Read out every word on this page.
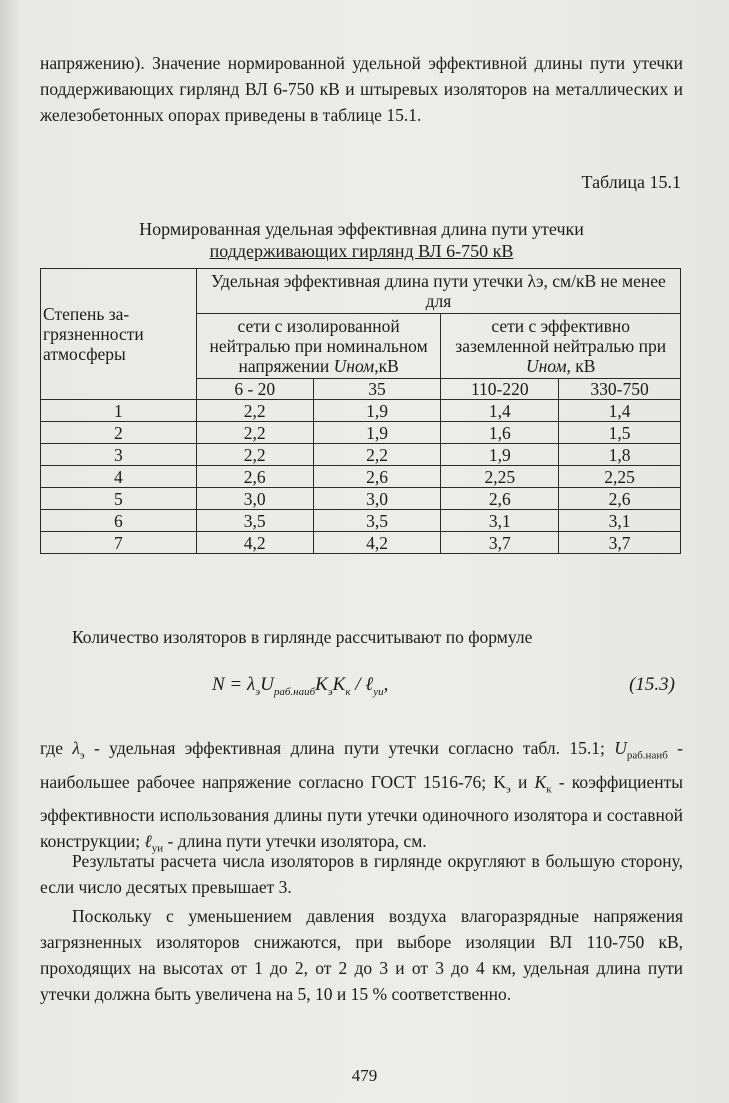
напряжению). Значение нормированной удельной эффективной длины пути утечки поддерживающих гирлянд ВЛ 6-750 кВ и штыревых изоляторов на металлических и железобетонных опорах приведены в таблице 15.1.
Таблица 15.1
Нормированная удельная эффективная длина пути утечки
поддерживающих гирлянд ВЛ 6-750 кВ
Степень за-грязненности атмосферы	Удельная эффективная длина пути утечки λэ, см/кВ не менее для			
	сети с изолированной нейтралью при номинальном напряжении Uном,кВ		сети с эффективно заземленной нейтралью при
Uном, кВ	
	6 - 20	35	110-220	330-750
1	2,2	1,9	1,4	1,4
2	2,2	1,9	1,6	1,5
3	2,2	2,2	1,9	1,8
4	2,6	2,6	2,25	2,25
5	3,0	3,0	2,6	2,6
6	3,5	3,5	3,1	3,1
7	4,2	4,2	3,7	3,7
Количество изоляторов в гирлянде рассчитывают по формуле
$N = \lambda_эU_{раб.наиб}K_эK_к$ / ℓ$_{уи}$,	(15.3)
где $\lambda_э$ - удельная эффективная длина пути утечки согласно табл. 15.1; $U_{раб.наиб}$ - наибольшее рабочее напряжение согласно ГОСТ 1516-76; $K_э$ и $K_к$ - коэффициенты эффективности использования длины пути утечки одиночного изолятора и составной конструкции; ℓ$_{уи}$ - длина пути утечки изолятора, см.
Результаты расчета числа изоляторов в гирлянде округляют в большую сторону, если число десятых превышает 3.
Поскольку с уменьшением давления воздуха влагоразрядные напряжения загрязненных изоляторов снижаются, при выборе изоляции ВЛ 110-750 кВ, проходящих на высотах от 1 до 2, от 2 до 3 и от 3 до 4 км, удельная длина пути утечки должна быть увеличена на 5, 10 и 15 % соответственно.
479
